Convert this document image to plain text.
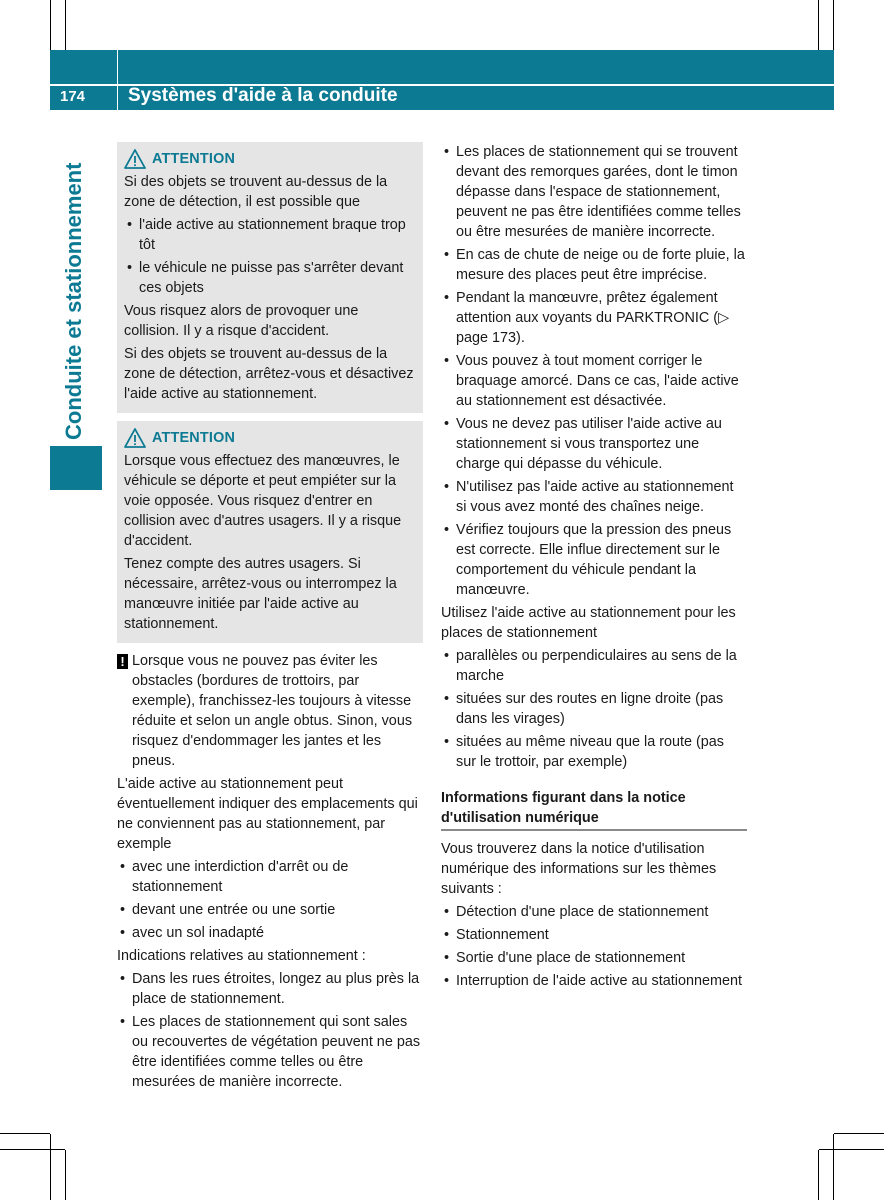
174 Systèmes d'aide à la conduite
Conduite et stationnement
ATTENTION

Si des objets se trouvent au-dessus de la zone de détection, il est possible que

• l'aide active au stationnement braque trop tôt
• le véhicule ne puisse pas s'arrêter devant ces objets

Vous risquez alors de provoquer une collision. Il y a risque d'accident.

Si des objets se trouvent au-dessus de la zone de détection, arrêtez-vous et désactivez l'aide active au stationnement.

ATTENTION

Lorsque vous effectuez des manœuvres, le véhicule se déporte et peut empiéter sur la voie opposée. Vous risquez d'entrer en collision avec d'autres usagers. Il y a risque d'accident.

Tenez compte des autres usagers. Si nécessaire, arrêtez-vous ou interrompez la manœuvre initiée par l'aide active au stationnement.

! Lorsque vous ne pouvez pas éviter les obstacles (bordures de trottoirs, par exemple), franchissez-les toujours à vitesse réduite et selon un angle obtus. Sinon, vous risquez d'endommager les jantes et les pneus.

L'aide active au stationnement peut éventuellement indiquer des emplacements qui ne conviennent pas au stationnement, par exemple

• avec une interdiction d'arrêt ou de stationnement
• devant une entrée ou une sortie
• avec un sol inadapté

Indications relatives au stationnement :

• Dans les rues étroites, longez au plus près la place de stationnement.
• Les places de stationnement qui sont sales ou recouvertes de végétation peuvent ne pas être identifiées comme telles ou être mesurées de manière incorrecte.
• Les places de stationnement qui se trouvent devant des remorques garées, dont le timon dépasse dans l'espace de stationnement, peuvent ne pas être identifiées comme telles ou être mesurées de manière incorrecte.
• En cas de chute de neige ou de forte pluie, la mesure des places peut être imprécise.
• Pendant la manœuvre, prêtez également attention aux voyants du PARKTRONIC (▷ page 173).
• Vous pouvez à tout moment corriger le braquage amorcé. Dans ce cas, l'aide active au stationnement est désactivée.
• Vous ne devez pas utiliser l'aide active au stationnement si vous transportez une charge qui dépasse du véhicule.
• N'utilisez pas l'aide active au stationnement si vous avez monté des chaînes neige.
• Vérifiez toujours que la pression des pneus est correcte. Elle influe directement sur le comportement du véhicule pendant la manœuvre.

Utilisez l'aide active au stationnement pour les places de stationnement

• parallèles ou perpendiculaires au sens de la marche
• situées sur des routes en ligne droite (pas dans les virages)
• situées au même niveau que la route (pas sur le trottoir, par exemple)
Informations figurant dans la notice d'utilisation numérique

Vous trouverez dans la notice d'utilisation numérique des informations sur les thèmes suivants :

• Détection d'une place de stationnement
• Stationnement
• Sortie d'une place de stationnement
• Interruption de l'aide active au stationnement
